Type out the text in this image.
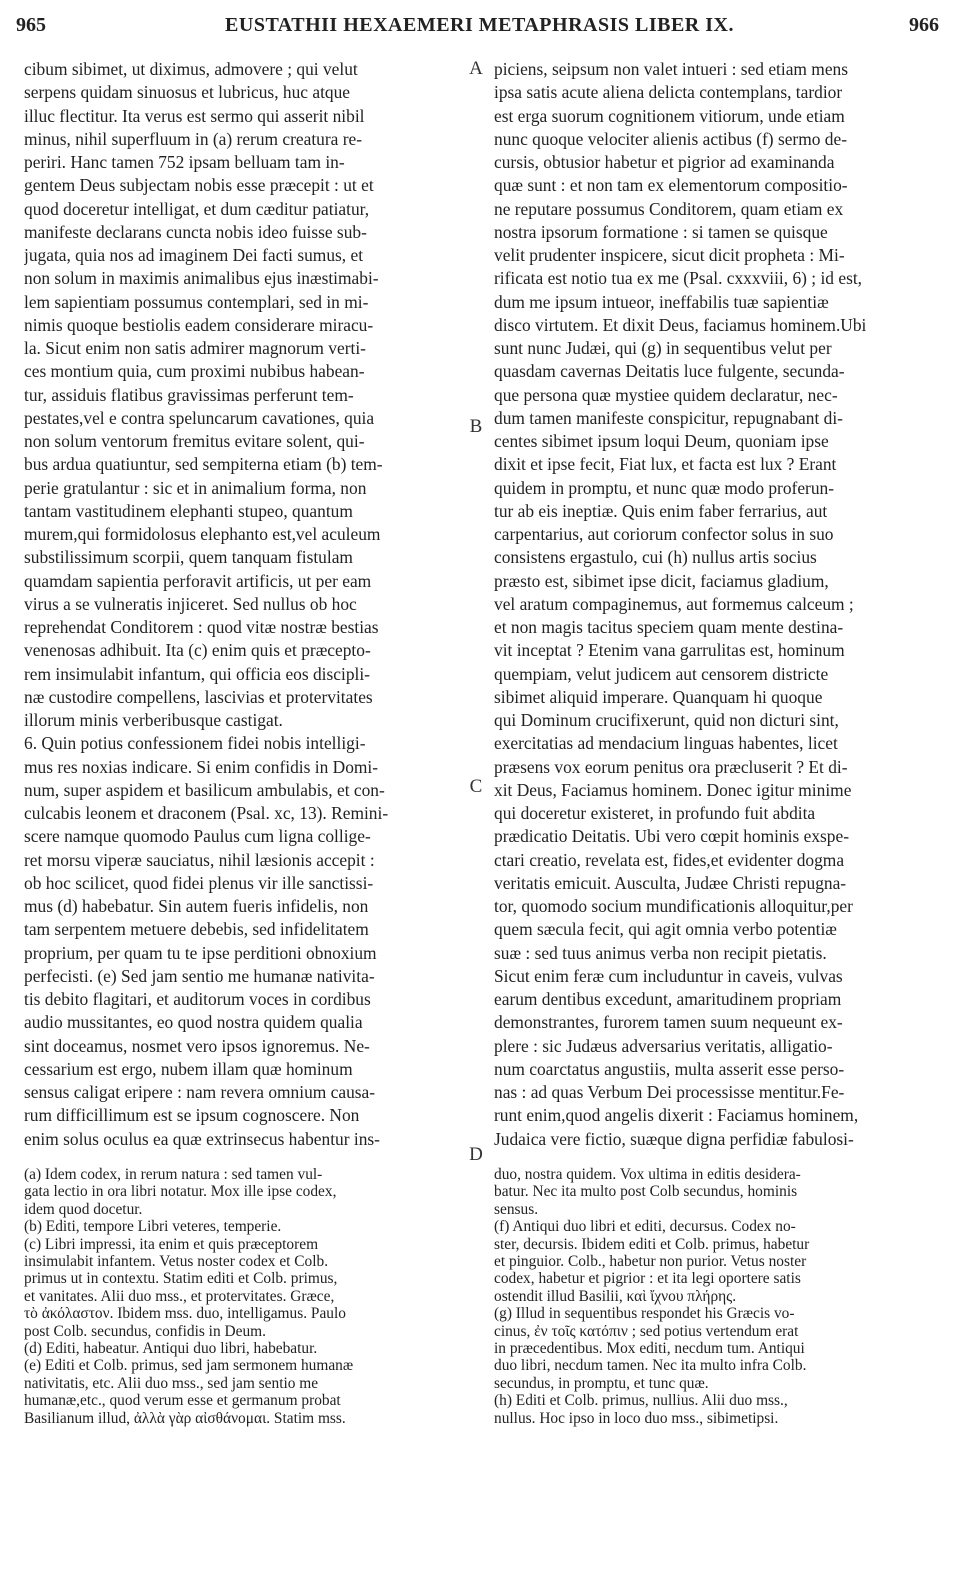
965	EUSTATHII HEXAEMERI METAPHRASIS LIBER IX.	966
A
B
C
D
cibum sibimet, ut diximus, admovere ; qui velut
serpens quidam sinuosus et lubricus, huc atque
illuc flectitur. Ita verus est sermo qui asserit nibil
minus, nihil superfluum in (a) rerum creatura re-
periri. Hanc tamen 752 ipsam belluam tam in-
gentem Deus subjectam nobis esse præcepit : ut et
quod doceretur intelligat, et dum cæditur patiatur,
manifeste declarans cuncta nobis ideo fuisse sub-
jugata, quia nos ad imaginem Dei facti sumus, et
non solum in maximis animalibus ejus inæstimabi-
lem sapientiam possumus contemplari, sed in mi-
nimis quoque bestiolis eadem considerare miracu-
la. Sicut enim non satis admirer magnorum verti-
ces montium quia, cum proximi nubibus habean-
tur, assiduis flatibus gravissimas perferunt tem-
pestates,vel e contra speluncarum cavationes, quia
non solum ventorum fremitus evitare solent, qui-
bus ardua quatiuntur, sed sempiterna etiam (b) tem-
perie gratulantur : sic et in animalium forma, non
tantam vastitudinem elephanti stupeo, quantum
murem,qui formidolosus elephanto est,vel aculeum
substilissimum scorpii, quem tanquam fistulam
quamdam sapientia perforavit artificis, ut per eam
virus a se vulneratis injiceret. Sed nullus ob hoc
reprehendat Conditorem : quod vitæ nostræ bestias
venenosas adhibuit. Ita (c) enim quis et præcepto-
rem insimulabit infantum, qui officia eos discipli-
næ custodire compellens, lascivias et protervitates
illorum minis verberibusque castigat.
6. Quin potius confessionem fidei nobis intelligi-
mus res noxias indicare. Si enim confidis in Domi-
num, super aspidem et basilicum ambulabis, et con-
culcabis leonem et draconem (Psal. xc, 13). Remini-
scere namque quomodo Paulus cum ligna collige-
ret morsu viperæ sauciatus, nihil læsionis accepit :
ob hoc scilicet, quod fidei plenus vir ille sanctissi-
mus (d) habebatur. Sin autem fueris infidelis, non
tam serpentem metuere debebis, sed infidelitatem
proprium, per quam tu te ipse perditioni obnoxium
perfecisti. (e) Sed jam sentio me humanæ nativita-
tis debito flagitari, et auditorum voces in cordibus
audio mussitantes, eo quod nostra quidem qualia
sint doceamus, nosmet vero ipsos ignoremus. Ne-
cessarium est ergo, nubem illam quæ hominum
sensus caligat eripere : nam revera omnium causa-
rum difficillimum est se ipsum cognoscere. Non
enim solus oculus ea quæ extrinsecus habentur ins-
piciens, seipsum non valet intueri : sed etiam mens
ipsa satis acute aliena delicta contemplans, tardior
est erga suorum cognitionem vitiorum, unde etiam
nunc quoque velociter alienis actibus (f) sermo de-
cursis, obtusior habetur et pigrior ad examinanda
quæ sunt : et non tam ex elementorum compositio-
ne reputare possumus Conditorem, quam etiam ex
nostra ipsorum formatione : si tamen se quisque
velit prudenter inspicere, sicut dicit propheta : Mi-
rificata est notio tua ex me (Psal. cxxxviii, 6) ; id est,
dum me ipsum intueor, ineffabilis tuæ sapientiæ
disco virtutem. Et dixit Deus, faciamus hominem.Ubi
sunt nunc Judæi, qui (g) in sequentibus velut per
quasdam cavernas Deitatis luce fulgente, secunda-
que persona quæ mystiee quidem declaratur, nec-
dum tamen manifeste conspicitur, repugnabant di-
centes sibimet ipsum loqui Deum, quoniam ipse
dixit et ipse fecit, Fiat lux, et facta est lux ? Erant
quidem in promptu, et nunc quæ modo proferun-
tur ab eis ineptiæ. Quis enim faber ferrarius, aut
carpentarius, aut coriorum confector solus in suo
consistens ergastulo, cui (h) nullus artis socius
præsto est, sibimet ipse dicit, faciamus gladium,
vel aratum compaginemus, aut formemus calceum ;
et non magis tacitus speciem quam mente destina-
vit inceptat ? Etenim vana garrulitas est, hominum
quempiam, velut judicem aut censorem districte
sibimet aliquid imperare. Quanquam hi quoque
qui Dominum crucifixerunt, quid non dicturi sint,
exercitatias ad mendacium linguas habentes, licet
præsens vox eorum penitus ora præcluserit ? Et di-
xit Deus, Faciamus hominem. Donec igitur minime
qui doceretur existeret, in profundo fuit abdita
prædicatio Deitatis. Ubi vero cœpit hominis exspe-
ctari creatio, revelata est, fides,et evidenter dogma
veritatis emicuit. Ausculta, Judæe Christi repugna-
tor, quomodo socium mundificationis alloquitur,per
quem sæcula fecit, qui agit omnia verbo potentiæ
suæ : sed tuus animus verba non recipit pietatis.
Sicut enim feræ cum includuntur in caveis, vulvas
earum dentibus excedunt, amaritudinem propriam
demonstrantes, furorem tamen suum nequeunt ex-
plere : sic Judæus adversarius veritatis, alligatio-
num coarctatus angustiis, multa asserit esse perso-
nas : ad quas Verbum Dei processisse mentitur.Fe-
runt enim,quod angelis dixerit : Faciamus hominem,
Judaica vere fictio, suæque digna perfidiæ fabulosi-
(a) Idem codex, in rerum natura : sed tamen vul-
gata lectio in ora libri notatur. Mox ille ipse codex,
idem quod docetur.
(b) Editi, tempore Libri veteres, temperie.
(c) Libri impressi, ita enim et quis præceptorem
insimulabit infantem. Vetus noster codex et Colb.
primus ut in contextu. Statim editi et Colb. primus,
et vanitates. Alii duo mss., et protervitates. Græce,
τὸ ἀκόλαστον. Ibidem mss. duo, intelligamus. Paulo
post Colb. secundus, confidis in Deum.
(d) Editi, habeatur. Antiqui duo libri, habebatur.
(e) Editi et Colb. primus, sed jam sermonem humanæ
nativitatis, etc. Alii duo mss., sed jam sentio me
humanæ,etc., quod verum esse et germanum probat
Basilianum illud, ἀλλὰ γὰρ αἰσθάνομαι. Statim mss.
duo, nostra quidem. Vox ultima in editis desidera-
batur. Nec ita multo post Colb secundus, hominis
sensus.
(f) Antiqui duo libri et editi, decursus. Codex no-
ster, decursis. Ibidem editi et Colb. primus, habetur
et pinguior. Colb., habetur non purior. Vetus noster
codex, habetur et pigrior : et ita legi oportere satis
ostendit illud Basilii, καὶ ἴχνου πλήρης.
(g) Illud in sequentibus respondet his Græcis vo-
cinus, ἐν τοῖς κατόπιν ; sed potius vertendum erat
in præcedentibus. Mox editi, necdum tum. Antiqui
duo libri, necdum tamen. Nec ita multo infra Colb.
secundus, in promptu, et tunc quæ.
(h) Editi et Colb. primus, nullius. Alii duo mss.,
nullus. Hoc ipso in loco duo mss., sibimetipsi.
